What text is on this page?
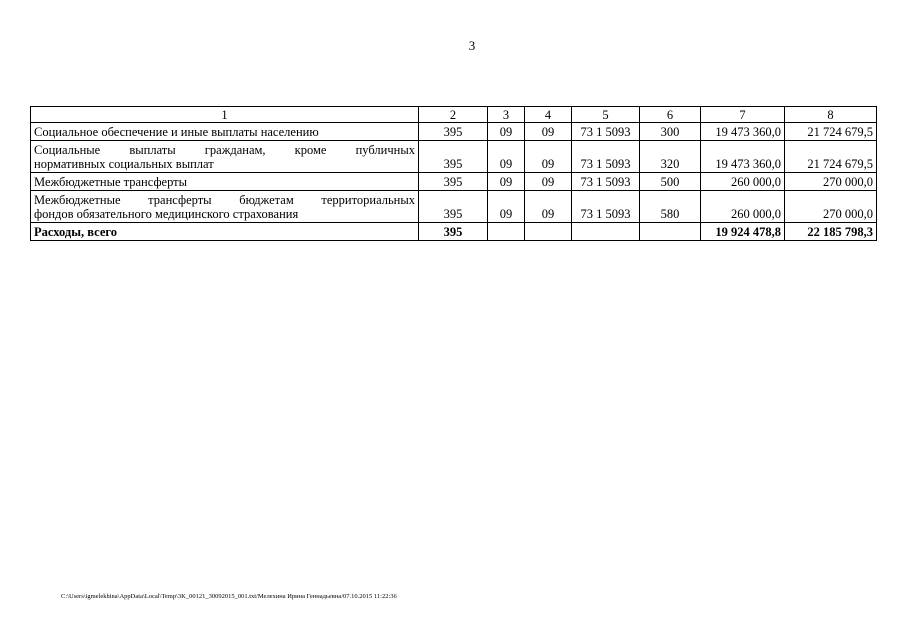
3
1	2	3	4	5	6	7	8
Социальное обеспечение и иные выплаты населению	395	09	09	73 1 5093	300	19 473 360,0	21 724 679,5

Социальные выплаты гражданам, кроме публичных
нормативных социальных выплат	395	09	09	73 1 5093	320	19 473 360,0	21 724 679,5
Межбюджетные трансферты	395	09	09	73 1 5093	500	260 000,0	270 000,0

Межбюджетные трансферты бюджетам территориальных
фондов обязательного медицинского страхования	395	09	09	73 1 5093	580	260 000,0	270 000,0
Расходы, всего	395					19 924 478,8	22 185 798,3
C:\Users\igmelekhina\AppData\Local\Temp\3K_00121_30092015_001.txt/Мелехина Ирина Геннадьевна/07.10.2015 11:22:36
